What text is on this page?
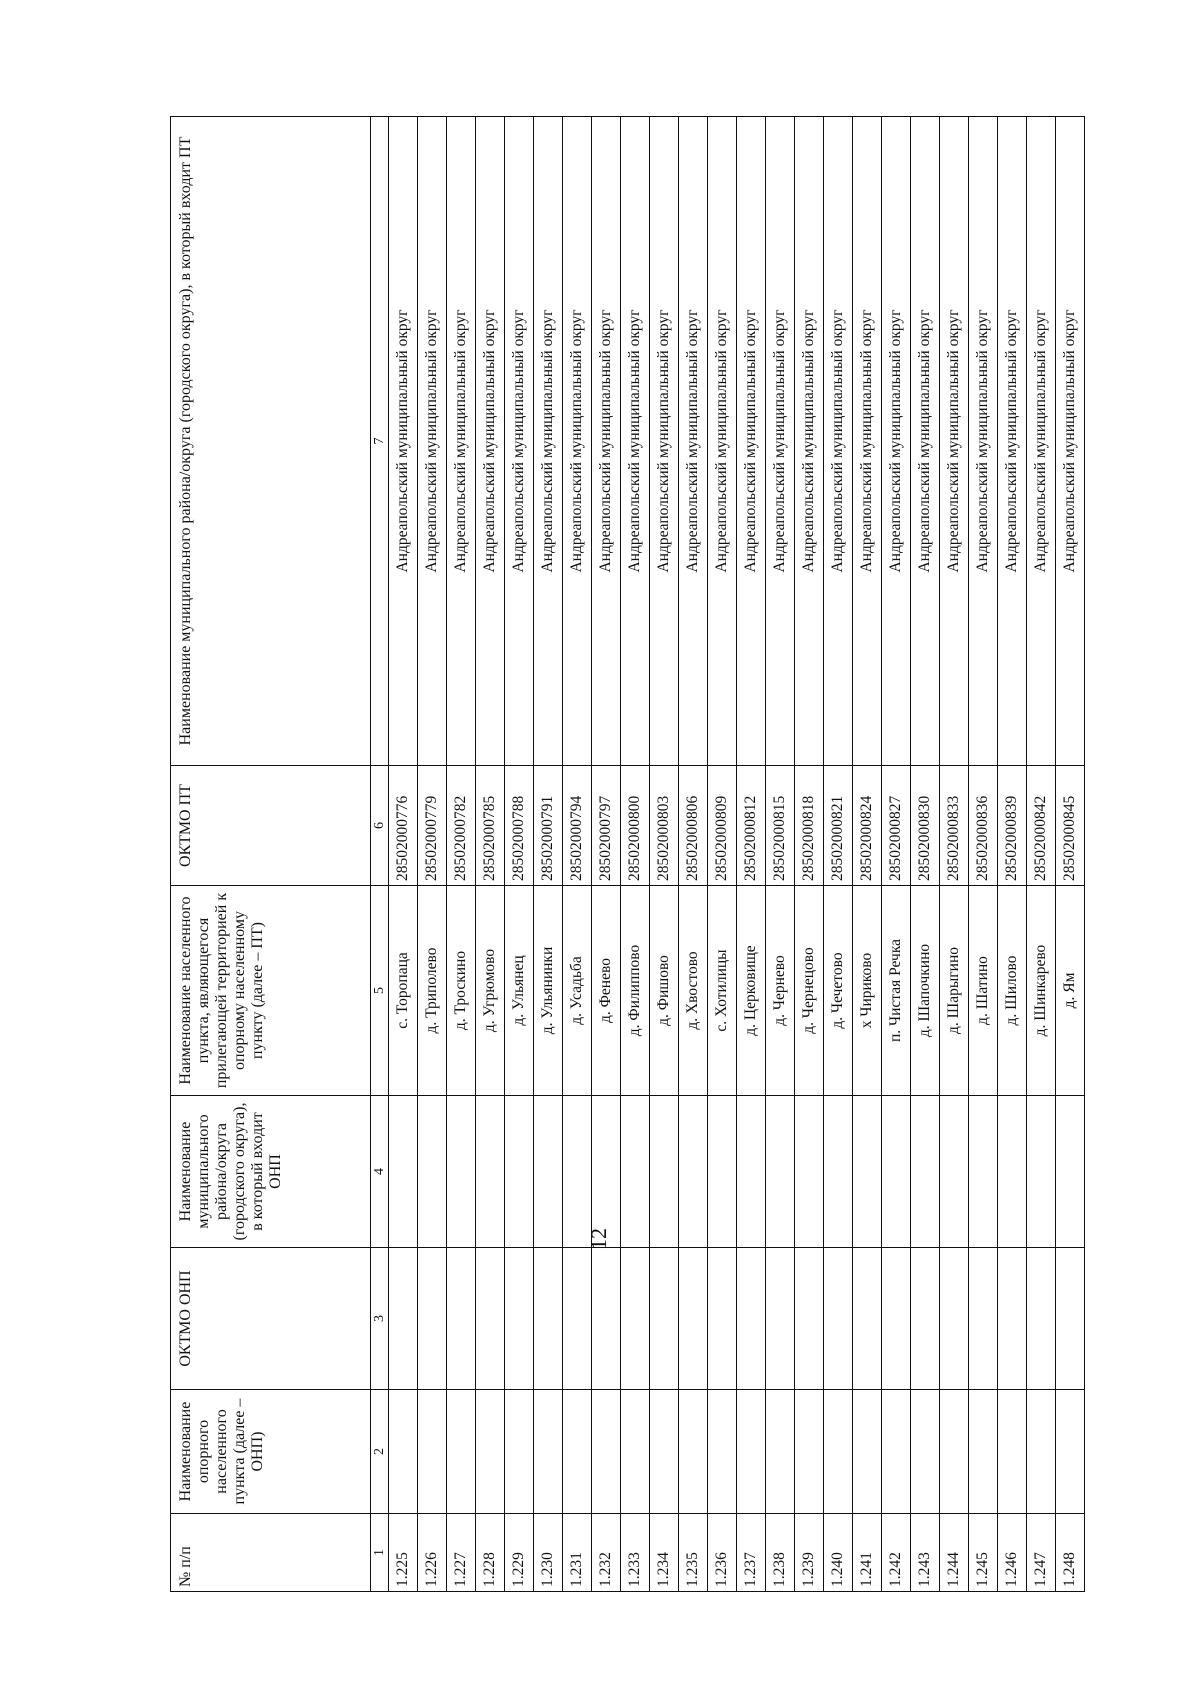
12
№ п/п	Наименование опорного населенного пункта (далее – ОНП)	ОКТМО ОНП	Наименование муниципального района/округа (городского округа), в который входит ОНП	Наименование населенного пункта, являющегося прилегающей территорией к опорному населенному пункту (далее – ПТ)	ОКТМО ПТ	Наименование муниципального района/округа (городского округа), в который входит ПТ
1	2	3	4	5	6	7
1.225				с. Торопаца	28502000776	Андреапольский муниципальный округ
1.226				д. Триполево	28502000779	Андреапольский муниципальный округ
1.227				д. Троскино	28502000782	Андреапольский муниципальный округ
1.228				д. Угрюмово	28502000785	Андреапольский муниципальный округ
1.229				д. Ульянец	28502000788	Андреапольский муниципальный округ
1.230				д. Ульянинки	28502000791	Андреапольский муниципальный округ
1.231				д. Усадьба	28502000794	Андреапольский муниципальный округ
1.232				д. Фенево	28502000797	Андреапольский муниципальный округ
1.233				д. Филиппово	28502000800	Андреапольский муниципальный округ
1.234				д. Фишово	28502000803	Андреапольский муниципальный округ
1.235				д. Хвостово	28502000806	Андреапольский муниципальный округ
1.236				с. Хотилицы	28502000809	Андреапольский муниципальный округ
1.237				д. Церковище	28502000812	Андреапольский муниципальный округ
1.238				д. Чернево	28502000815	Андреапольский муниципальный округ
1.239				д. Чернецово	28502000818	Андреапольский муниципальный округ
1.240				д. Чечетово	28502000821	Андреапольский муниципальный округ
1.241				х Чириково	28502000824	Андреапольский муниципальный округ
1.242				п. Чистая Речка	28502000827	Андреапольский муниципальный округ
1.243				д. Шапочкино	28502000830	Андреапольский муниципальный округ
1.244				д. Шарыгино	28502000833	Андреапольский муниципальный округ
1.245				д. Шатино	28502000836	Андреапольский муниципальный округ
1.246				д. Шилово	28502000839	Андреапольский муниципальный округ
1.247				д. Шинкарево	28502000842	Андреапольский муниципальный округ
1.248				д. Ям	28502000845	Андреапольский муниципальный округ
